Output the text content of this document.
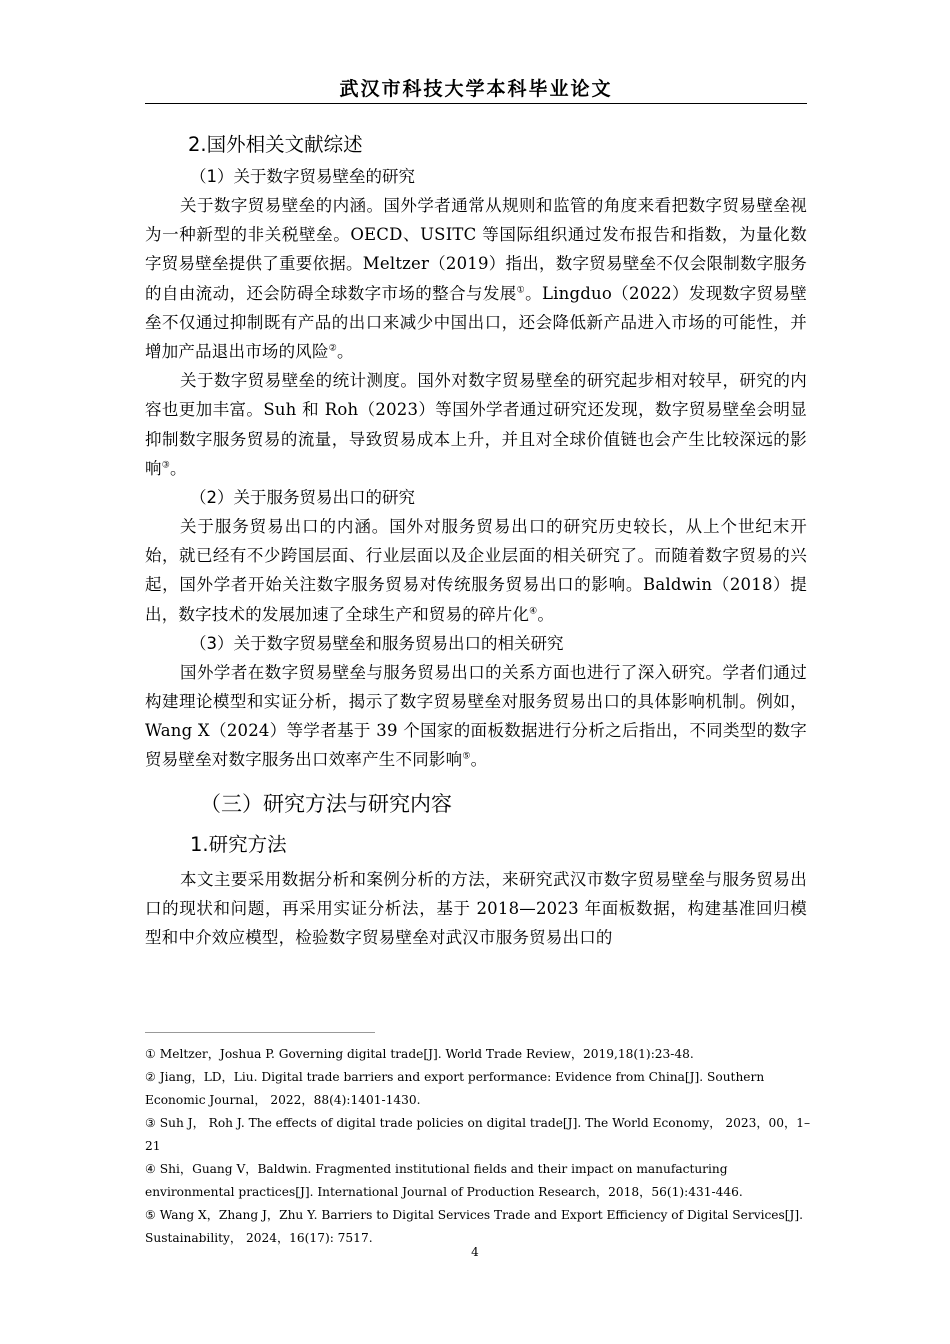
武汉市科技大学本科毕业论文
2.国外相关文献综述
（1）关于数字贸易壁垒的研究

关于数字贸易壁垒的内涵。国外学者通常从规则和监管的角度来看把数字贸易壁垒视为一种新型的非关税壁垒。OECD、USITC 等国际组织通过发布报告和指数，为量化数字贸易壁垒提供了重要依据。Meltzer（2019）指出，数字贸易壁垒不仅会限制数字服务的自由流动，还会防碍全球数字市场的整合与发展①。Lingduo（2022）发现数字贸易壁垒不仅通过抑制既有产品的出口来减少中国出口，还会降低新产品进入市场的可能性，并增加产品退出市场的风险②。

关于数字贸易壁垒的统计测度。国外对数字贸易壁垒的研究起步相对较早，研究的内容也更加丰富。Suh 和 Roh（2023）等国外学者通过研究还发现，数字贸易壁垒会明显抑制数字服务贸易的流量，导致贸易成本上升，并且对全球价值链也会产生比较深远的影响③。

（2）关于服务贸易出口的研究

关于服务贸易出口的内涵。国外对服务贸易出口的研究历史较长，从上个世纪末开始，就已经有不少跨国层面、行业层面以及企业层面的相关研究了。而随着数字贸易的兴起，国外学者开始关注数字服务贸易对传统服务贸易出口的影响。Baldwin（2018）提出，数字技术的发展加速了全球生产和贸易的碎片化④。

（3）关于数字贸易壁垒和服务贸易出口的相关研究

国外学者在数字贸易壁垒与服务贸易出口的关系方面也进行了深入研究。学者们通过构建理论模型和实证分析，揭示了数字贸易壁垒对服务贸易出口的具体影响机制。例如，Wang X（2024）等学者基于 39 个国家的面板数据进行分析之后指出，不同类型的数字贸易壁垒对数字服务出口效率产生不同影响⑤。

（三）研究方法与研究内容
1.研究方法

本文主要采用数据分析和案例分析的方法，来研究武汉市数字贸易壁垒与服务贸易出口的现状和问题，再采用实证分析法，基于 2018—2023 年面板数据，构建基准回归模型和中介效应模型，检验数字贸易壁垒对武汉市服务贸易出口的

① Meltzer，Joshua P. Governing digital trade[J]. World Trade Review，2019,18(1):23-48.

② Jiang，LD，Liu. Digital trade barriers and export performance: Evidence from China[J]. Southern Economic Journal， 2022，88(4):1401-1430.

③ Suh J， Roh J. The effects of digital trade policies on digital trade[J]. The World Economy， 2023，00，1–21

④ Shi，Guang V，Baldwin. Fragmented institutional fields and their impact on manufacturing environmental practices[J]. International Journal of Production Research，2018，56(1):431-446.

⑤ Wang X，Zhang J，Zhu Y. Barriers to Digital Services Trade and Export Efficiency of Digital Services[J]. Sustainability， 2024，16(17): 7517.

4
